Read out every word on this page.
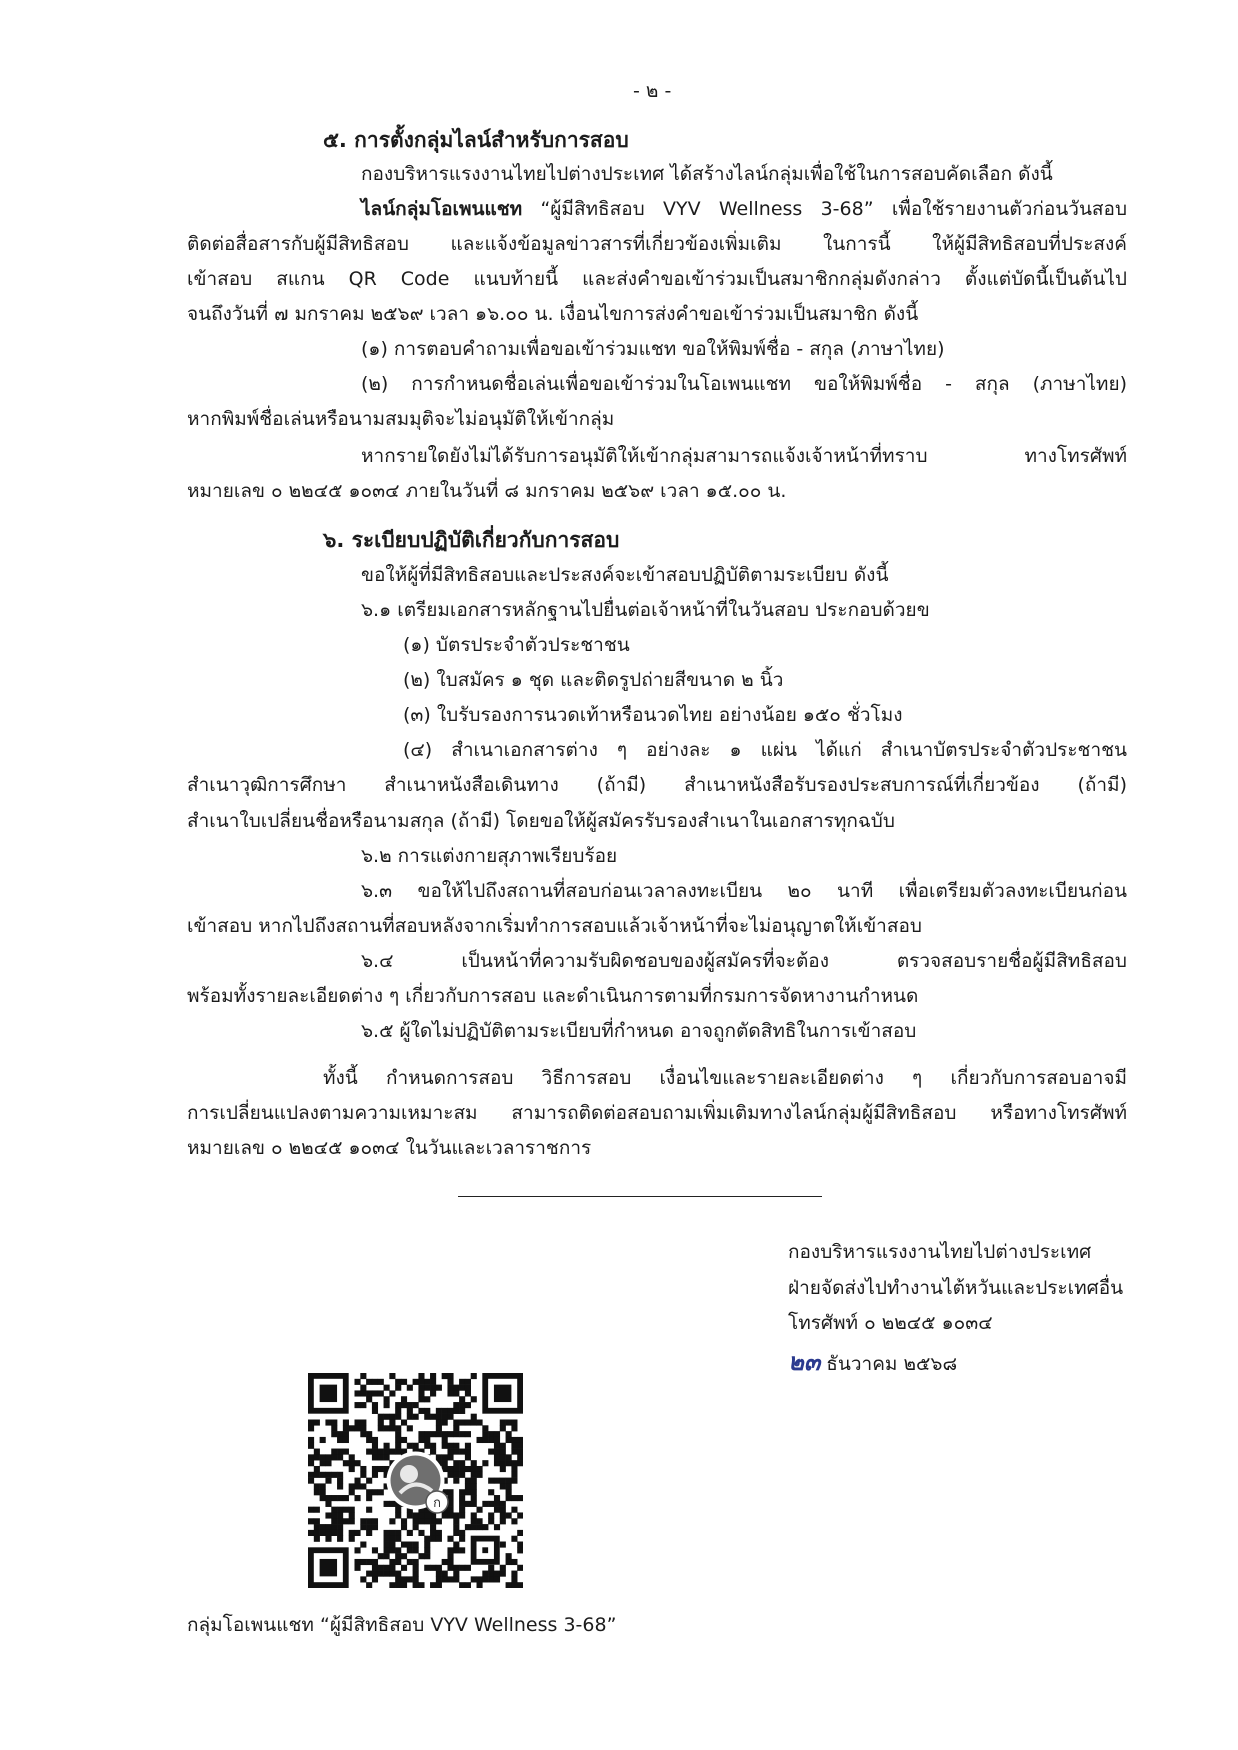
- ๒ -
๕. การตั้งกลุ่มไลน์สำหรับการสอบ
กองบริหารแรงงานไทยไปต่างประเทศ ได้สร้างไลน์กลุ่มเพื่อใช้ในการสอบคัดเลือก ดังนี้
ไลน์กลุ่มโอเพนแชท “ผู้มีสิทธิสอบ VYV Wellness 3-68” เพื่อใช้รายงานตัวก่อนวันสอบ
ติดต่อสื่อสารกับผู้มีสิทธิสอบ และแจ้งข้อมูลข่าวสารที่เกี่ยวข้องเพิ่มเติม ในการนี้ ให้ผู้มีสิทธิสอบที่ประสงค์
เข้าสอบ สแกน QR Code แนบท้ายนี้ และส่งคำขอเข้าร่วมเป็นสมาชิกกลุ่มดังกล่าว ตั้งแต่บัดนี้เป็นต้นไป
จนถึงวันที่ ๗ มกราคม ๒๕๖๙ เวลา ๑๖.๐๐ น. เงื่อนไขการส่งคำขอเข้าร่วมเป็นสมาชิก ดังนี้
(๑) การตอบคำถามเพื่อขอเข้าร่วมแชท ขอให้พิมพ์ชื่อ - สกุล (ภาษาไทย)
(๒) การกำหนดชื่อเล่นเพื่อขอเข้าร่วมในโอเพนแชท ขอให้พิมพ์ชื่อ - สกุล (ภาษาไทย)
หากพิมพ์ชื่อเล่นหรือนามสมมุติจะไม่อนุมัติให้เข้ากลุ่ม
หากรายใดยังไม่ได้รับการอนุมัติให้เข้ากลุ่มสามารถแจ้งเจ้าหน้าที่ทราบ ทางโทรศัพท์
หมายเลข ๐ ๒๒๔๕ ๑๐๓๔ ภายในวันที่ ๘ มกราคม ๒๕๖๙ เวลา ๑๕.๐๐ น.
๖. ระเบียบปฏิบัติเกี่ยวกับการสอบ
ขอให้ผู้ที่มีสิทธิสอบและประสงค์จะเข้าสอบปฏิบัติตามระเบียบ ดังนี้
๖.๑ เตรียมเอกสารหลักฐานไปยื่นต่อเจ้าหน้าที่ในวันสอบ ประกอบด้วยข
(๑) บัตรประจำตัวประชาชน
(๒) ใบสมัคร ๑ ชุด และติดรูปถ่ายสีขนาด ๒ นิ้ว
(๓) ใบรับรองการนวดเท้าหรือนวดไทย อย่างน้อย ๑๕๐ ชั่วโมง
(๔) สำเนาเอกสารต่าง ๆ อย่างละ ๑ แผ่น ได้แก่ สำเนาบัตรประจำตัวประชาชน
สำเนาวุฒิการศึกษา สำเนาหนังสือเดินทาง (ถ้ามี) สำเนาหนังสือรับรองประสบการณ์ที่เกี่ยวข้อง (ถ้ามี)
สำเนาใบเปลี่ยนชื่อหรือนามสกุล (ถ้ามี) โดยขอให้ผู้สมัครรับรองสำเนาในเอกสารทุกฉบับ
๖.๒ การแต่งกายสุภาพเรียบร้อย
๖.๓ ขอให้ไปถึงสถานที่สอบก่อนเวลาลงทะเบียน ๒๐ นาที เพื่อเตรียมตัวลงทะเบียนก่อน
เข้าสอบ หากไปถึงสถานที่สอบหลังจากเริ่มทำการสอบแล้วเจ้าหน้าที่จะไม่อนุญาตให้เข้าสอบ
๖.๔ เป็นหน้าที่ความรับผิดชอบของผู้สมัครที่จะต้อง ตรวจสอบรายชื่อผู้มีสิทธิสอบ
พร้อมทั้งรายละเอียดต่าง ๆ เกี่ยวกับการสอบ และดำเนินการตามที่กรมการจัดหางานกำหนด
๖.๕ ผู้ใดไม่ปฏิบัติตามระเบียบที่กำหนด อาจถูกตัดสิทธิในการเข้าสอบ
ทั้งนี้ กำหนดการสอบ วิธีการสอบ เงื่อนไขและรายละเอียดต่าง ๆ เกี่ยวกับการสอบอาจมี
การเปลี่ยนแปลงตามความเหมาะสม สามารถติดต่อสอบถามเพิ่มเติมทางไลน์กลุ่มผู้มีสิทธิสอบ หรือทางโทรศัพท์
หมายเลข ๐ ๒๒๔๕ ๑๐๓๔ ในวันและเวลาราชการ
กองบริหารแรงงานไทยไปต่างประเทศ
ฝ่ายจัดส่งไปทำงานไต้หวันและประเทศอื่น
โทรศัพท์ ๐ ๒๒๔๕ ๑๐๓๔
๒๓ ธันวาคม ๒๕๖๘
ก
กลุ่มโอเพนแชท “ผู้มีสิทธิสอบ VYV Wellness 3-68”
